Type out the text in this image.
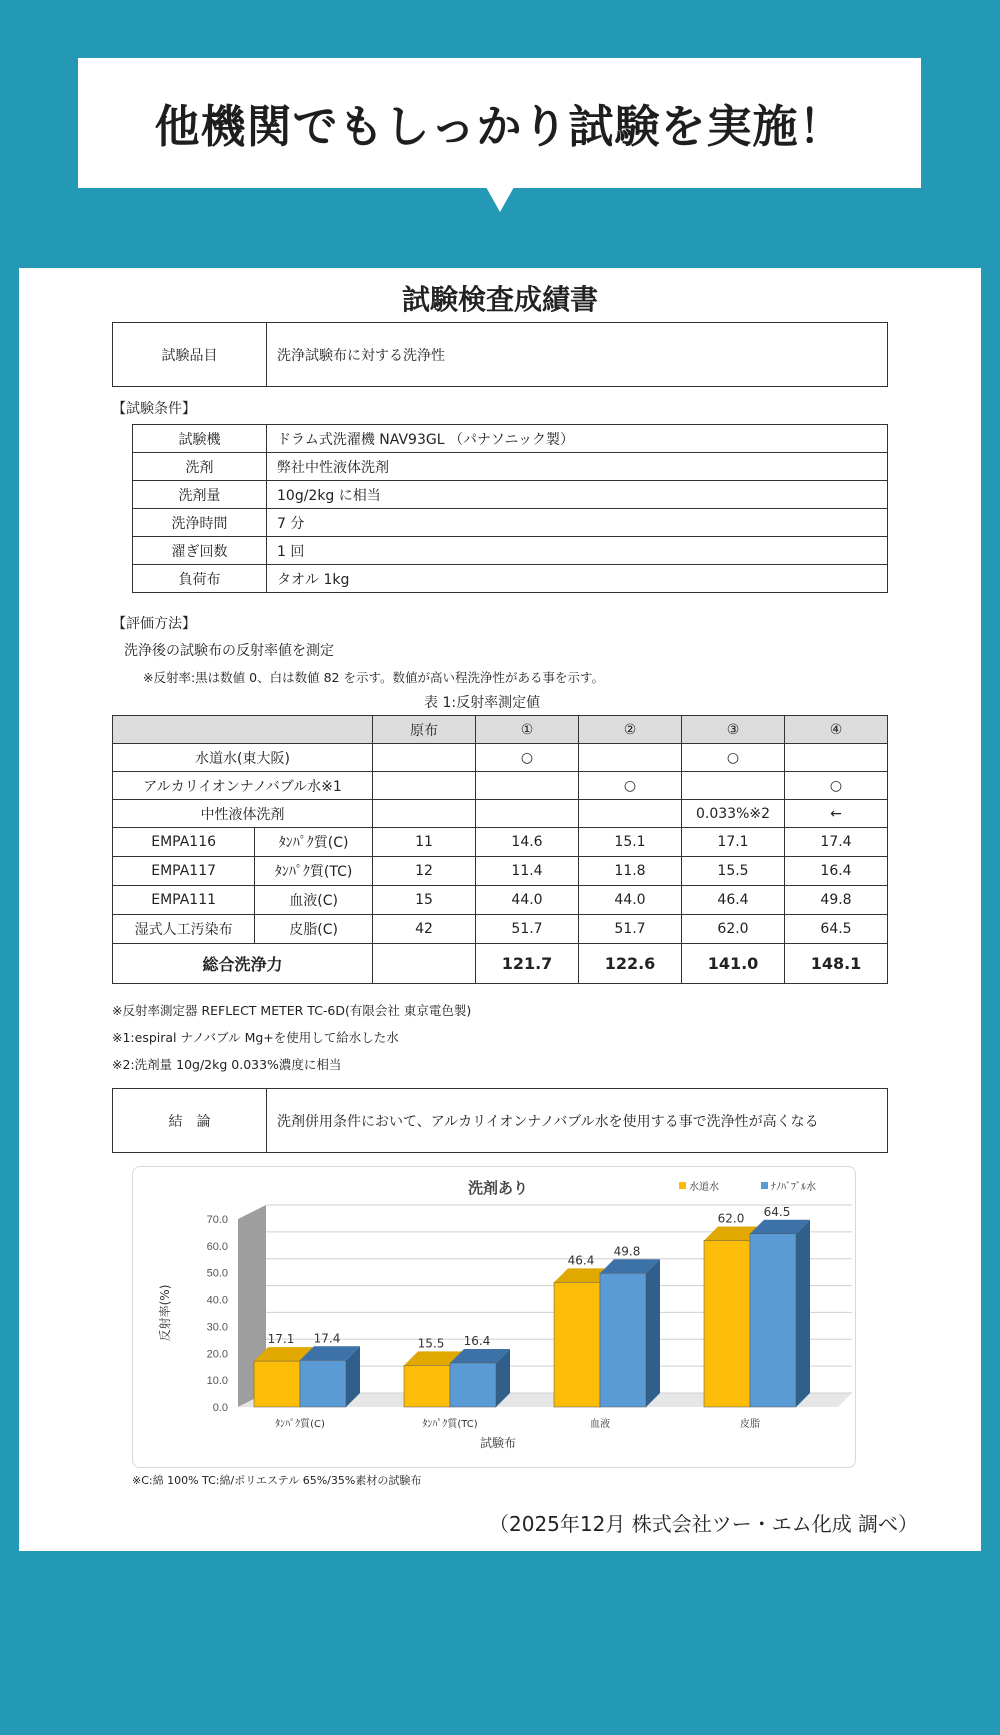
他機関でもしっかり試験を実施！
試験検査成績書
試験品目	洗浄試験布に対する洗浄性
【試験条件】
試験機	ドラム式洗濯機 NAV93GL （パナソニック製）
洗剤	弊社中性液体洗剤
洗剤量	10g/2kg に相当
洗浄時間	7 分
濯ぎ回数	1 回
負荷布	タオル 1kg
【評価方法】
洗浄後の試験布の反射率値を測定
※反射率:黒は数値 0、白は数値 82 を示す。数値が高い程洗浄性がある事を示す。
表 1:反射率測定値
		原布	①	②	③	④
水道水(東大阪)			○		○	
アルカリイオンナノバブル水※1				○		○
中性液体洗剤					0.033%※2	←
EMPA116	ﾀﾝﾊﾟｸ質(C)	11	14.6	15.1	17.1	17.4
EMPA117	ﾀﾝﾊﾟｸ質(TC)	12	11.4	11.8	15.5	16.4
EMPA111	血液(C)	15	44.0	44.0	46.4	49.8
湿式人工汚染布	皮脂(C)	42	51.7	51.7	62.0	64.5
総合洗浄力			121.7	122.6	141.0	148.1
※反射率測定器 REFLECT METER TC-6D(有限会社 東京電色製)
※1:espiral ナノバブル Mg+を使用して給水した水
※2:洗剤量 10g/2kg 0.033%濃度に相当
結　論	洗剤併用条件において、アルカリイオンナノバブル水を使用する事で洗浄性が高くなる
0.0
10.0
20.0
30.0
40.0
50.0
60.0
70.0
反射率(%)
試験布
洗剤あり	水道水	ﾅﾉﾊﾞﾌﾞﾙ水
17.1 17.4
ﾀﾝﾊﾟｸ質(C)
15.5 16.4
ﾀﾝﾊﾟｸ質(TC)
46.4
49.8
血液
62.0 64.5
皮脂
※C:綿 100% TC:綿/ポリエステル 65%/35%素材の試験布
（2025年12月 株式会社ツー・エム化成 調べ）
